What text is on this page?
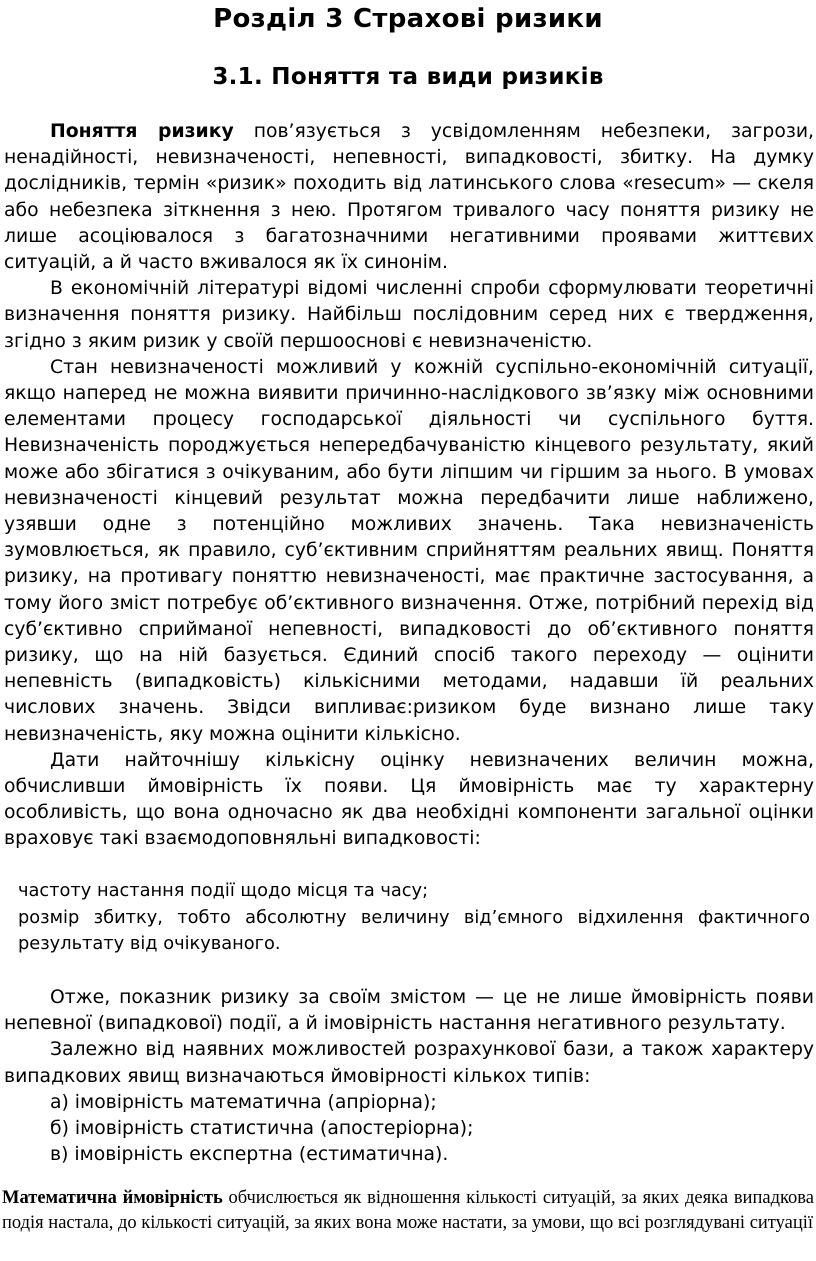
Розділ 3 Страхові ризики
3.1. Поняття та види ризиків

Поняття ризику пов’язується з усвідомленням небезпеки, загрози, ненадійності, невизначеності, непевності, випадковості, збитку. На думку дослідників, термін «ризик» походить від латинського слова «resecum» — скеля або небезпека зіткнення з нею. Протягом тривалого часу поняття ризику не лише асоціювалося з багатозначними негативними проявами життєвих ситуацій, а й часто вживалося як їх синонім.

В економічній літературі відомі численні спроби сформулювати теоретичні визначення поняття ризику. Найбільш послідовним серед них є твердження, згідно з яким ризик у своїй першооснові є невизначеністю.

Стан невизначеності можливий у кожній суспільно-економічній ситуації, якщо наперед не можна виявити причинно-наслідкового зв’язку між основними елементами процесу господарської діяльності чи суспільного буття. Невизначеність породжується непередбачуваністю кінцевого результату, який може або збігатися з очікуваним, або бути ліпшим чи гіршим за нього. В умовах невизначеності кінцевий результат можна передбачити лише наближено, узявши одне з потенційно можливих значень. Така невизначеність зумовлюється, як правило, суб’єктивним сприйняттям реальних явищ. Поняття ризику, на противагу поняттю невизначеності, має практичне застосування, а тому його зміст потребує об’єктивного визначення. Отже, потрібний перехід від суб’єктивно сприйманої непевності, випадковості до об’єктивного поняття ризику, що на ній базується. Єдиний спосіб такого переходу — оцінити непевність (випадковість) кількісними методами, надавши їй реальних числових значень. Звідси випливає:ризиком буде визнано лише таку невизначеність, яку можна оцінити кількісно.

Дати найточнішу кількісну оцінку невизначених величин можна, обчисливши ймовірність їх появи. Ця ймовірність має ту характерну особливість, що вона одночасно як два необхідні компоненти загальної оцінки враховує такі взаємодоповняльні випадковості:

частоту настання події щодо місця та часу;

розмір збитку, тобто абсолютну величину від’ємного відхилення фактичного результату від очікуваного.

Отже, показник ризику за своїм змістом — це не лише ймовірність появи непевної (випадкової) події, а й імовірність настання негативного результату.

Залежно від наявних можливостей розрахункової бази, а також характеру випадкових явищ визначаються ймовірності кількох типів:

а) імовірність математична (апріорна);

б) імовірність статистична (апостеріорна);

в) імовірність експертна (естиматична).

Математична ймовірність обчислюється як відношення кількості ситуацій, за яких деяка випадкова подія настала, до кількості ситуацій, за яких вона може настати, за умови, що всі розглядувані ситуації
